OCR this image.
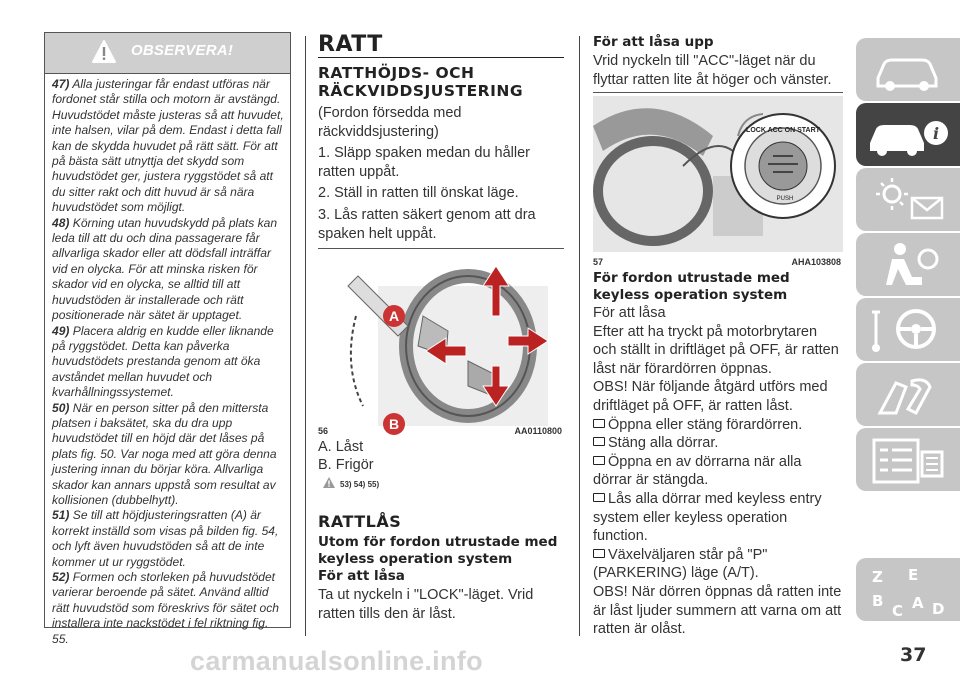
OBSERVERA!

47) Alla justeringar får endast utföras när fordonet står stilla och motorn är avstängd. Huvudstödet måste justeras så att huvudet, inte halsen, vilar på dem. Endast i detta fall kan de skydda huvudet på rätt sätt. För att på bästa sätt utnyttja det skydd som huvudstödet ger, justera ryggstödet så att du sitter rakt och ditt huvud är så nära huvudstödet som möjligt.

48) Körning utan huvudskydd på plats kan leda till att du och dina passagerare får allvarliga skador eller att dödsfall inträffar vid en olycka. För att minska risken för skador vid en olycka, se alltid till att huvudstöden är installerade och rätt positionerade när sätet är upptaget.

49) Placera aldrig en kudde eller liknande på ryggstödet. Detta kan påverka huvudstödets prestanda genom att öka avståndet mellan huvudet och kvarhållningssystemet.

50) När en person sitter på den mittersta platsen i baksätet, ska du dra upp huvudstödet till en höjd där det låses på plats fig. 50. Var noga med att göra denna justering innan du börjar köra. Allvarliga skador kan annars uppstå som resultat av kollisionen (dubbelhytt).

51) Se till att höjdjusteringsratten (A) är korrekt inställd som visas på bilden fig. 54, och lyft även huvudstöden så att de inte kommer ut ur ryggstödet.

52) Formen och storleken på huvudstödet varierar beroende på sätet. Använd alltid rätt huvudstöd som föreskrivs för sätet och installera inte nackstödet i fel riktning fig. 55.

RATT
RATTHÖJDS- OCH
RÄCKVIDDSJUSTERING

(Fordon försedda med räckviddsjustering)

1. Släpp spaken medan du håller ratten uppåt.

2. Ställ in ratten till önskat läge.

3. Lås ratten säkert genom att dra spaken helt uppåt.

A
B
56	AA0110800

A. Låst

B. Frigör

53) 54) 55)
RATTLÅS

Utom för fordon utrustade med keyless operation system

För att låsa

Ta ut nyckeln i "LOCK"-läget. Vrid ratten tills den är låst.

För att låsa upp

Vrid nyckeln till "ACC"-läget när du flyttar ratten lite åt höger och vänster.

LOCK ACC ON START
PUSH
57	AHA103808

För fordon utrustade med keyless operation system

För att låsa

Efter att ha tryckt på motorbrytaren och ställt in driftläget på OFF, är ratten låst när förardörren öppnas.

OBS! När följande åtgärd utförs med driftläget på OFF, är ratten låst.

Öppna eller stäng förardörren.

Stäng alla dörrar.

Öppna en av dörrarna när alla dörrar är stängda.

Lås alla dörrar med keyless entry system eller keyless operation function.

Växelväljaren står på "P" (PARKERING) läge (A/T).

OBS! När dörren öppnas då ratten inte är låst ljuder summern att varna om att ratten är olåst.

i
Z E
B
C A D
carmanualsonline.info	37
